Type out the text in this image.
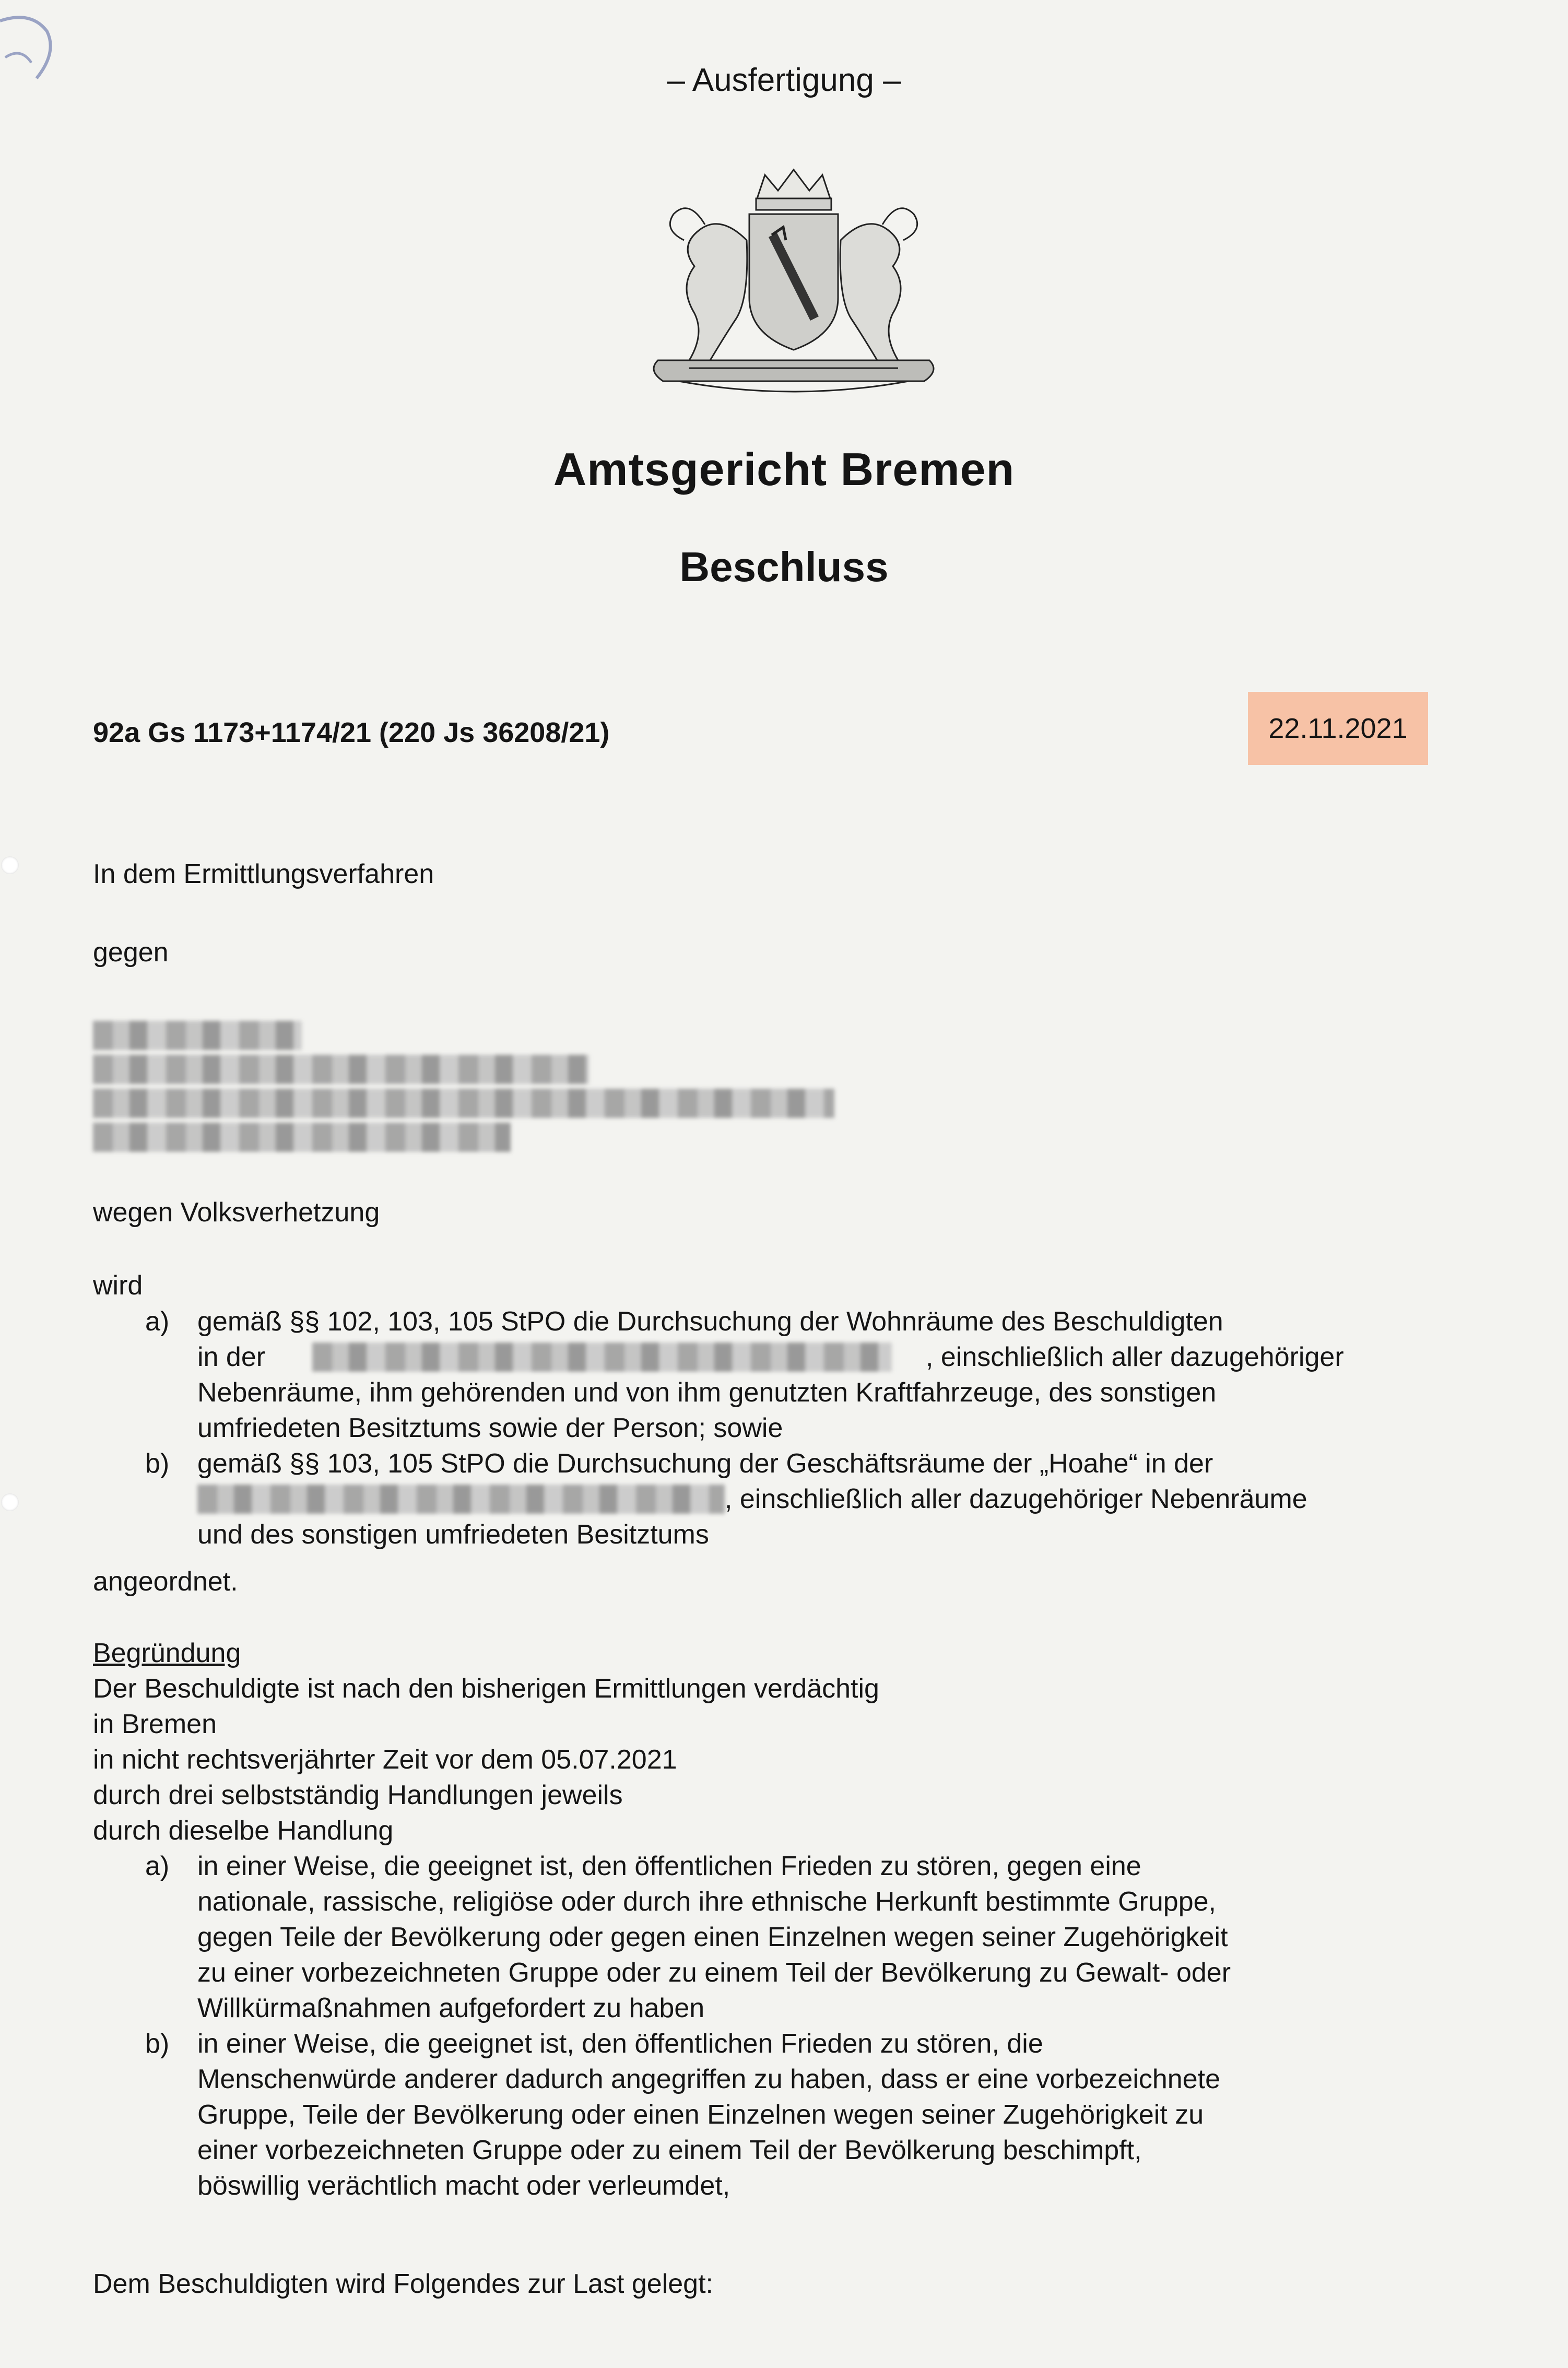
– Ausfertigung –
Amtsgericht Bremen
Beschluss
92a Gs 1173+1174/21 (220 Js 36208/21)	22.11.2021
In dem Ermittlungsverfahren
gegen
wegen Volksverhetzung
wird
a) gemäß §§ 102, 103, 105 StPO die Durchsuchung der Wohnräume des Beschuldigten
in der	, einschließlich aller dazugehöriger
Nebenräume, ihm gehörenden und von ihm genutzten Kraftfahrzeuge, des sonstigen
umfriedeten Besitztums sowie der Person; sowie
b) gemäß §§ 103, 105 StPO die Durchsuchung der Geschäftsräume der „Hoahe“ in der
, einschließlich aller dazugehöriger Nebenräume
und des sonstigen umfriedeten Besitztums
angeordnet.
Begründung
Der Beschuldigte ist nach den bisherigen Ermittlungen verdächtig
in Bremen
in nicht rechtsverjährter Zeit vor dem 05.07.2021
durch drei selbstständig Handlungen jeweils
durch dieselbe Handlung
a) in einer Weise, die geeignet ist, den öffentlichen Frieden zu stören, gegen eine
nationale, rassische, religiöse oder durch ihre ethnische Herkunft bestimmte Gruppe,
gegen Teile der Bevölkerung oder gegen einen Einzelnen wegen seiner Zugehörigkeit
zu einer vorbezeichneten Gruppe oder zu einem Teil der Bevölkerung zu Gewalt- oder
Willkürmaßnahmen aufgefordert zu haben
b) in einer Weise, die geeignet ist, den öffentlichen Frieden zu stören, die
Menschenwürde anderer dadurch angegriffen zu haben, dass er eine vorbezeichnete
Gruppe, Teile der Bevölkerung oder einen Einzelnen wegen seiner Zugehörigkeit zu
einer vorbezeichneten Gruppe oder zu einem Teil der Bevölkerung beschimpft,
böswillig verächtlich macht oder verleumdet,
Dem Beschuldigten wird Folgendes zur Last gelegt:
